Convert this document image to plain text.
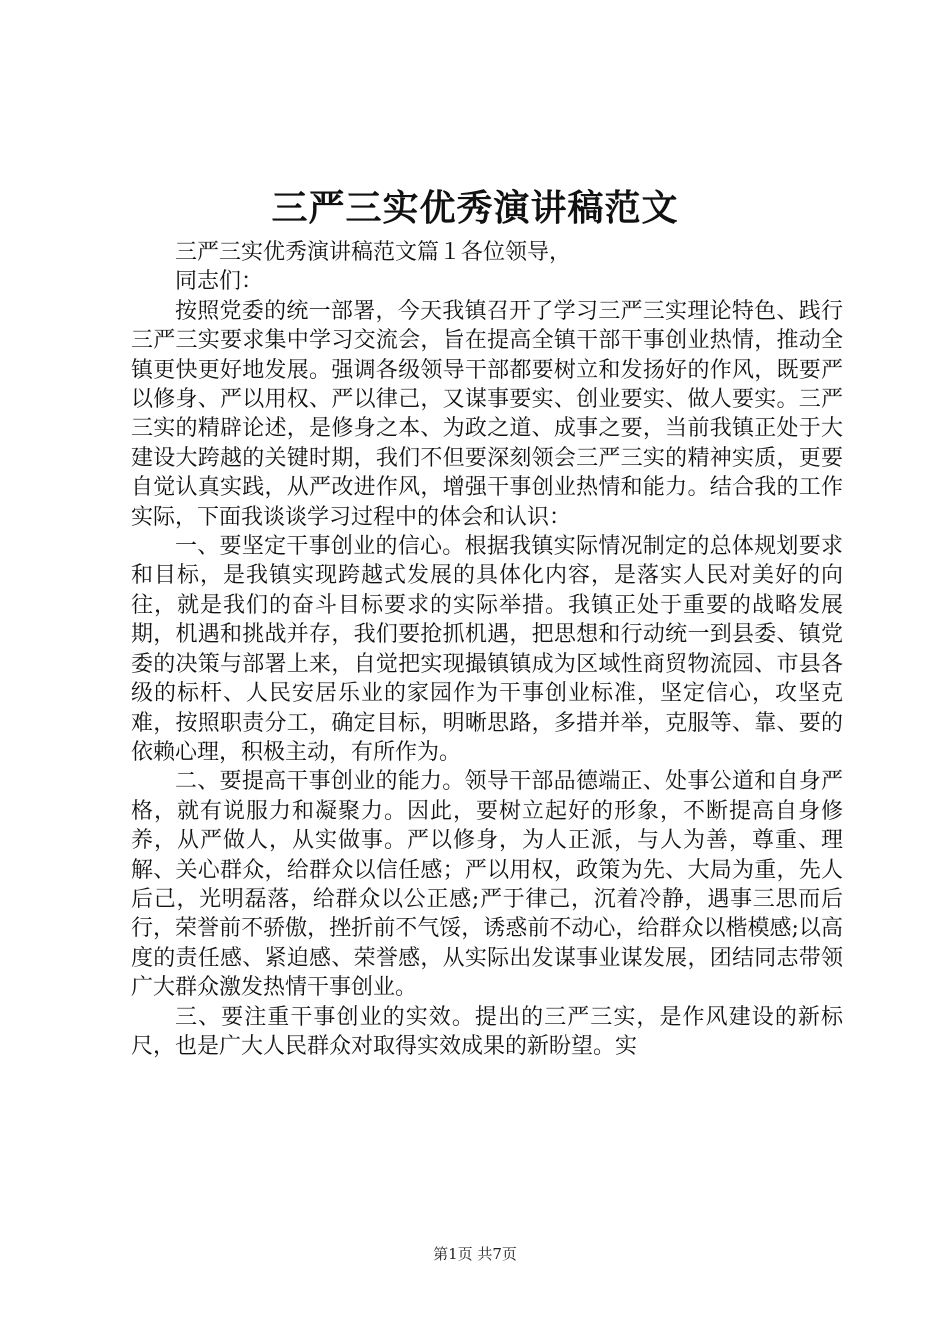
三严三实优秀演讲稿范文

三严三实优秀演讲稿范文篇１各位领导，

同志们：

按照党委的统一部署，今天我镇召开了学习三严三实理论特色、践行三严三实要求集中学习交流会，旨在提高全镇干部干事创业热情，推动全镇更快更好地发展。强调各级领导干部都要树立和发扬好的作风，既要严以修身、严以用权、严以律己，又谋事要实、创业要实、做人要实。三严三实的精辟论述，是修身之本、为政之道、成事之要，当前我镇正处于大建设大跨越的关键时期，我们不但要深刻领会三严三实的精神实质，更要自觉认真实践，从严改进作风，增强干事创业热情和能力。结合我的工作实际，下面我谈谈学习过程中的体会和认识：

一、要坚定干事创业的信心。根据我镇实际情况制定的总体规划要求和目标，是我镇实现跨越式发展的具体化内容，是落实人民对美好的向往，就是我们的奋斗目标要求的实际举措。我镇正处于重要的战略发展期，机遇和挑战并存，我们要抢抓机遇，把思想和行动统一到县委、镇党委的决策与部署上来，自觉把实现撮镇镇成为区域性商贸物流园、市县各级的标杆、人民安居乐业的家园作为干事创业标准，坚定信心，攻坚克难，按照职责分工，确定目标，明晰思路，多措并举，克服等、靠、要的依赖心理，积极主动，有所作为。

二、要提高干事创业的能力。领导干部品德端正、处事公道和自身严格，就有说服力和凝聚力。因此，要树立起好的形象，不断提高自身修养，从严做人，从实做事。严以修身，为人正派，与人为善，尊重、理解、关心群众，给群众以信任感；严以用权，政策为先、大局为重，先人后己，光明磊落，给群众以公正感;严于律己，沉着冷静，遇事三思而后行，荣誉前不骄傲，挫折前不气馁，诱惑前不动心，给群众以楷模感;以高度的责任感、紧迫感、荣誉感，从实际出发谋事业谋发展，团结同志带领广大群众激发热情干事创业。

三、要注重干事创业的实效。提出的三严三实，是作风建设的新标尺，也是广大人民群众对取得实效成果的新盼望。实

第1页 共7页
